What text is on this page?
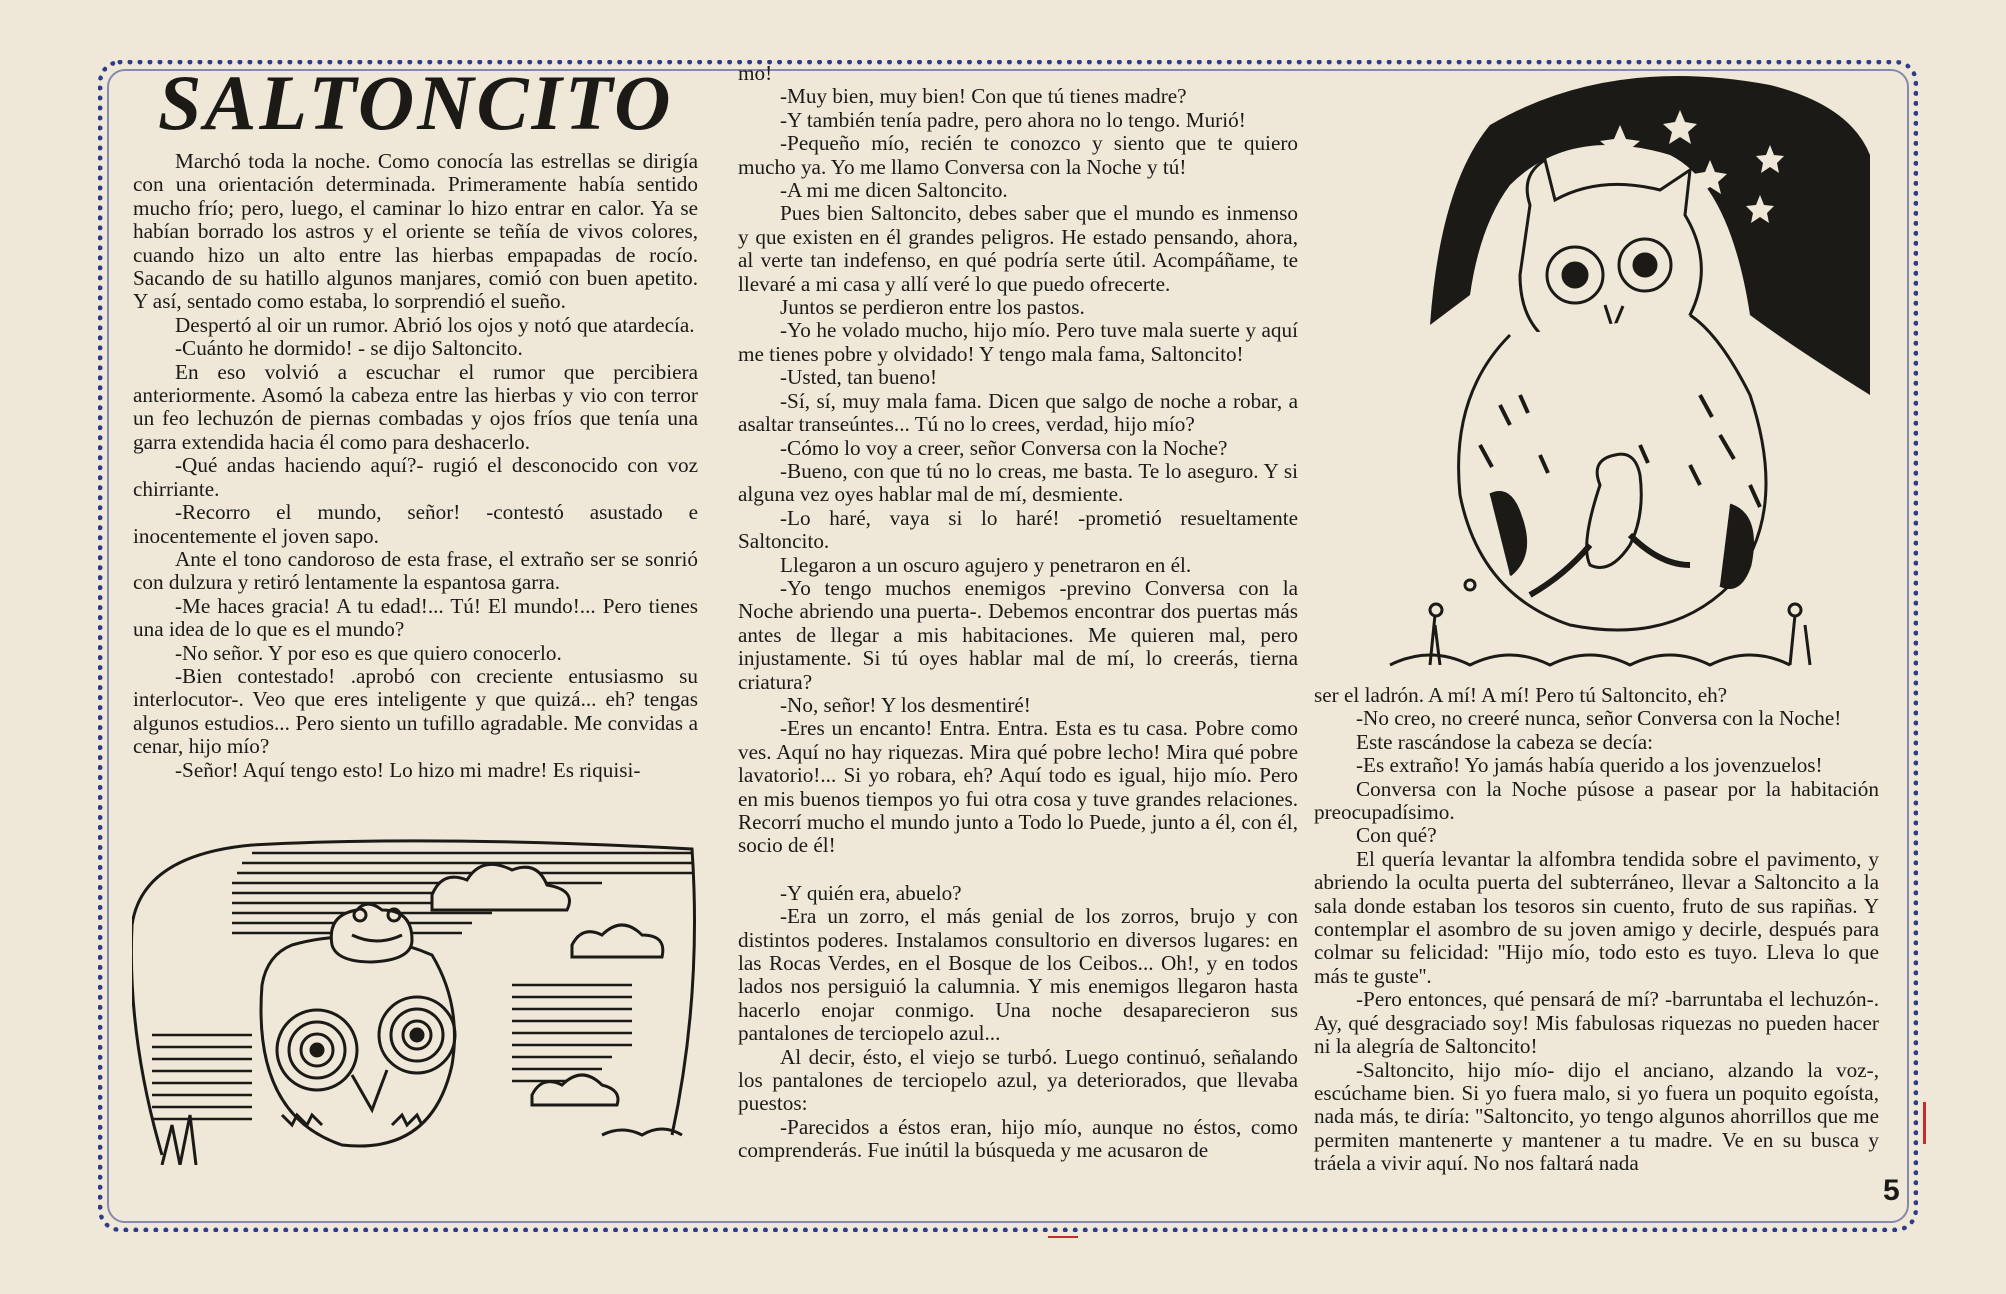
SALTONCITO

Marchó toda la noche. Como conocía las estrellas se dirigía con una orientación determinada. Primeramente había sentido mucho frío; pero, luego, el caminar lo hizo entrar en calor. Ya se habían borrado los astros y el oriente se teñía de vivos colores, cuando hizo un alto entre las hierbas empapadas de rocío. Sacando de su hatillo algunos manjares, comió con buen apetito. Y así, sentado como estaba, lo sorprendió el sueño.

Despertó al oir un rumor. Abrió los ojos y notó que atardecía.

-Cuánto he dormido! - se dijo Saltoncito.

En eso volvió a escuchar el rumor que percibiera anteriormente. Asomó la cabeza entre las hierbas y vio con terror un feo lechuzón de piernas combadas y ojos fríos que tenía una garra extendida hacia él como para deshacerlo.

-Qué andas haciendo aquí?- rugió el desconocido con voz chirriante.

-Recorro el mundo, señor! -contestó asustado e inocentemente el joven sapo.

Ante el tono candoroso de esta frase, el extraño ser se sonrió con dulzura y retiró lentamente la espantosa garra.

-Me haces gracia! A tu edad!... Tú! El mundo!... Pero tienes una idea de lo que es el mundo?

-No señor. Y por eso es que quiero conocerlo.

-Bien contestado! .aprobó con creciente entusiasmo su interlocutor-. Veo que eres inteligente y que quizá... eh? tengas algunos estudios... Pero siento un tufillo agradable. Me convidas a cenar, hijo mío?

-Señor! Aquí tengo esto! Lo hizo mi madre! Es riquisi-

mo!

-Muy bien, muy bien! Con que tú tienes madre?

-Y también tenía padre, pero ahora no lo tengo. Murió!

-Pequeño mío, recién te conozco y siento que te quiero mucho ya. Yo me llamo Conversa con la Noche y tú!

-A mi me dicen Saltoncito.

Pues bien Saltoncito, debes saber que el mundo es inmenso y que existen en él grandes peligros. He estado pensando, ahora, al verte tan indefenso, en qué podría serte útil. Acompáñame, te llevaré a mi casa y allí veré lo que puedo ofrecerte.

Juntos se perdieron entre los pastos.

-Yo he volado mucho, hijo mío. Pero tuve mala suerte y aquí me tienes pobre y olvidado! Y tengo mala fama, Saltoncito!

-Usted, tan bueno!

-Sí, sí, muy mala fama. Dicen que salgo de noche a robar, a asaltar transeúntes... Tú no lo crees, verdad, hijo mío?

-Cómo lo voy a creer, señor Conversa con la Noche?

-Bueno, con que tú no lo creas, me basta. Te lo aseguro. Y si alguna vez oyes hablar mal de mí, desmiente.

-Lo haré, vaya si lo haré! -prometió resueltamente Saltoncito.

Llegaron a un oscuro agujero y penetraron en él.

-Yo tengo muchos enemigos -previno Conversa con la Noche abriendo una puerta-. Debemos encontrar dos puertas más antes de llegar a mis habitaciones. Me quieren mal, pero injustamente. Si tú oyes hablar mal de mí, lo creerás, tierna criatura?

-No, señor! Y los desmentiré!

-Eres un encanto! Entra. Entra. Esta es tu casa. Pobre como ves. Aquí no hay riquezas. Mira qué pobre lecho! Mira qué pobre lavatorio!... Si yo robara, eh? Aquí todo es igual, hijo mío. Pero en mis buenos tiempos yo fui otra cosa y tuve grandes relaciones. Recorrí mucho el mundo junto a Todo lo Puede, junto a él, con él, socio de él!

-Y quién era, abuelo?

-Era un zorro, el más genial de los zorros, brujo y con distintos poderes. Instalamos consultorio en diversos lugares: en las Rocas Verdes, en el Bosque de los Ceibos... Oh!, y en todos lados nos persiguió la calumnia. Y mis enemigos llegaron hasta hacerlo enojar conmigo. Una noche desaparecieron sus pantalones de terciopelo azul...

Al decir, ésto, el viejo se turbó. Luego continuó, señalando los pantalones de terciopelo azul, ya deteriorados, que llevaba puestos:

-Parecidos a éstos eran, hijo mío, aunque no éstos, como comprenderás. Fue inútil la búsqueda y me acusaron de

ser el ladrón. A mí! A mí! Pero tú Saltoncito, eh?

-No creo, no creeré nunca, señor Conversa con la Noche!

Este rascándose la cabeza se decía:

-Es extraño! Yo jamás había querido a los jovenzuelos!

Conversa con la Noche púsose a pasear por la habitación preocupadísimo.

Con qué?

El quería levantar la alfombra tendida sobre el pavimento, y abriendo la oculta puerta del subterráneo, llevar a Saltoncito a la sala donde estaban los tesoros sin cuento, fruto de sus rapiñas. Y contemplar el asombro de su joven amigo y decirle, después para colmar su felicidad: ''Hijo mío, todo esto es tuyo. Lleva lo que más te guste''.

-Pero entonces, qué pensará de mí? -barruntaba el lechuzón-. Ay, qué desgraciado soy! Mis fabulosas riquezas no pueden hacer ni la alegría de Saltoncito!

-Saltoncito, hijo mío- dijo el anciano, alzando la voz-, escúchame bien. Si yo fuera malo, si yo fuera un poquito egoísta, nada más, te diría: ''Saltoncito, yo tengo algunos ahorrillos que me permiten mantenerte y mantener a tu madre. Ve en su busca y tráela a vivir aquí. No nos faltará nada

5
